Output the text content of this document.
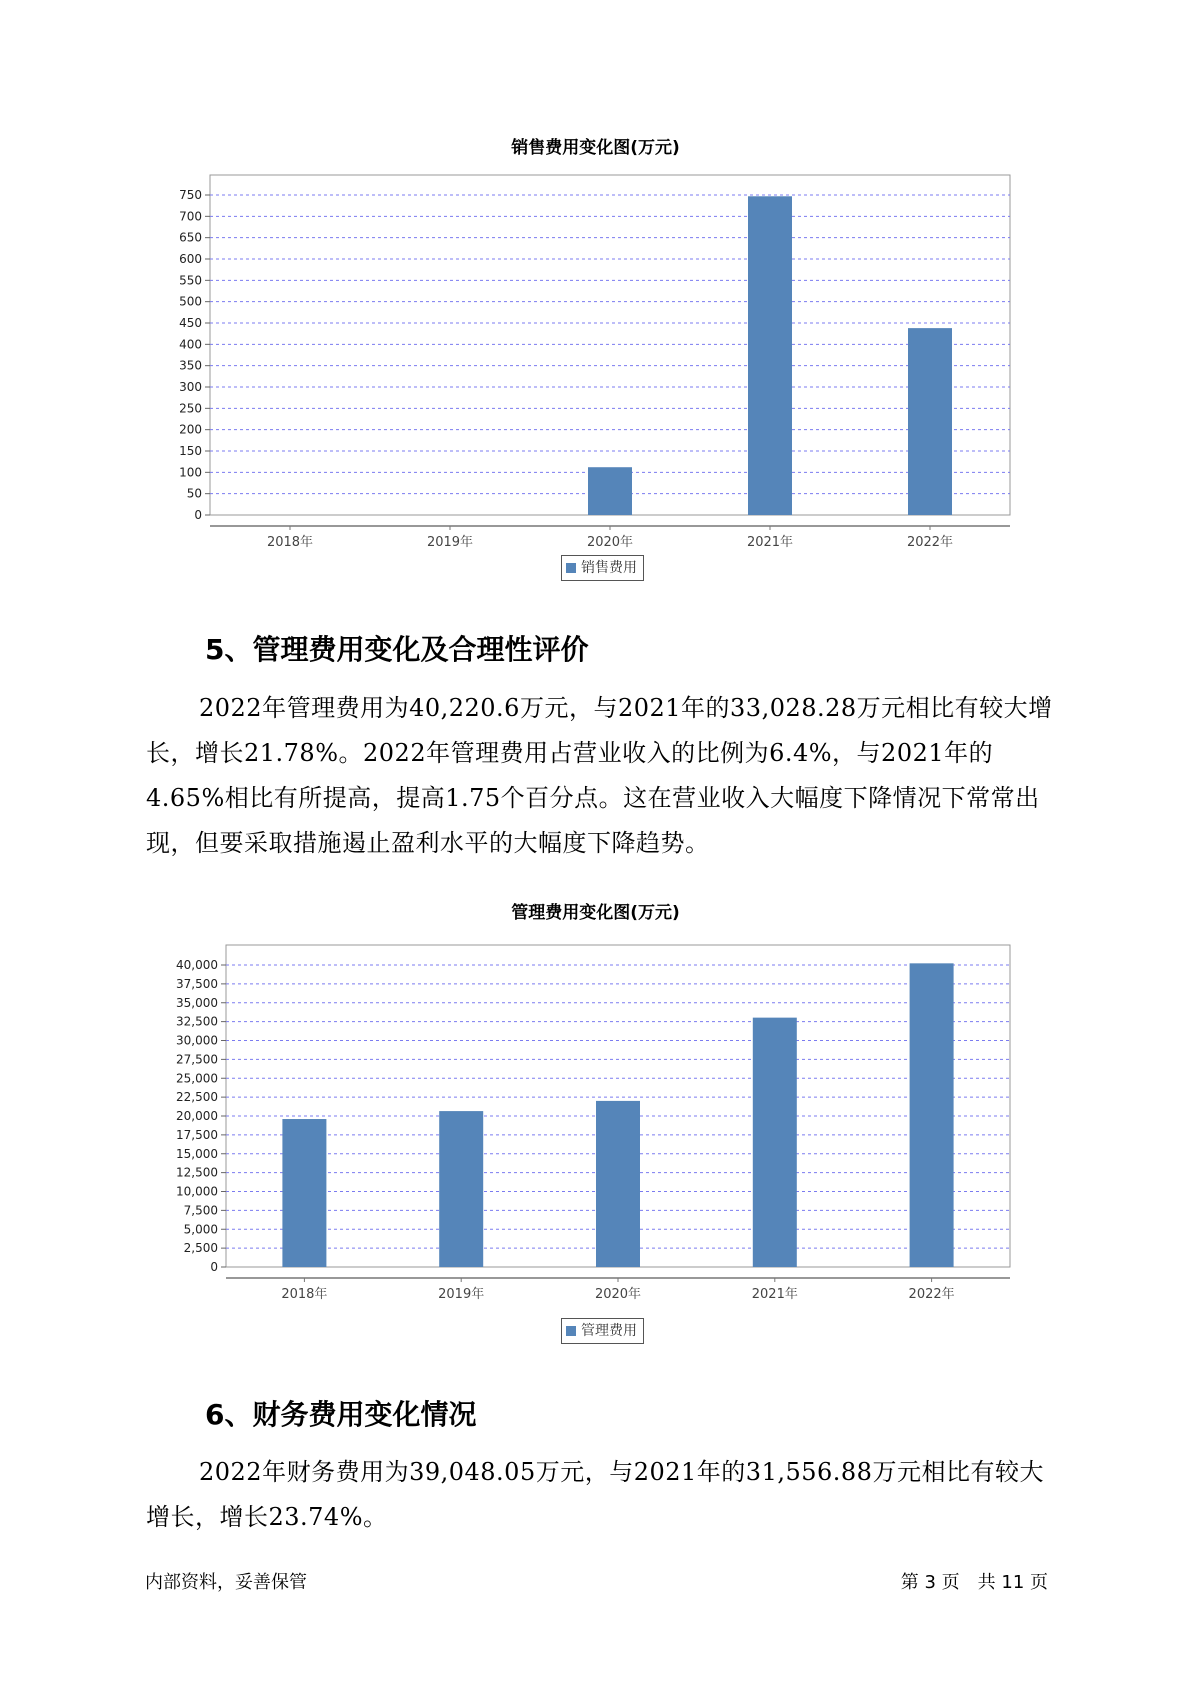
销售费用变化图(万元)
0
50
100
150
200
250
300
350
400
450
500
550
600
650
700
750
2018年	2019年	2020年	2021年	2022年
销售费用
5、管理费用变化及合理性评价

2022年管理费用为40,220.6万元，与2021年的33,028.28万元相比有较大增长，增长21.78%。2022年管理费用占营业收入的比例为6.4%，与2021年的4.65%相比有所提高，提高1.75个百分点。这在营业收入大幅度下降情况下常常出现，但要采取措施遏止盈利水平的大幅度下降趋势。

管理费用变化图(万元)
0
2,500
5,000
7,500
10,000
12,500
15,000
17,500
20,000
22,500
25,000
27,500
30,000
32,500
35,000
37,500
40,000
2018年	2019年	2020年	2021年	2022年
管理费用
6、财务费用变化情况

2022年财务费用为39,048.05万元，与2021年的31,556.88万元相比有较大增长，增长23.74%。

内部资料，妥善保管	第 3 页　共 11 页
